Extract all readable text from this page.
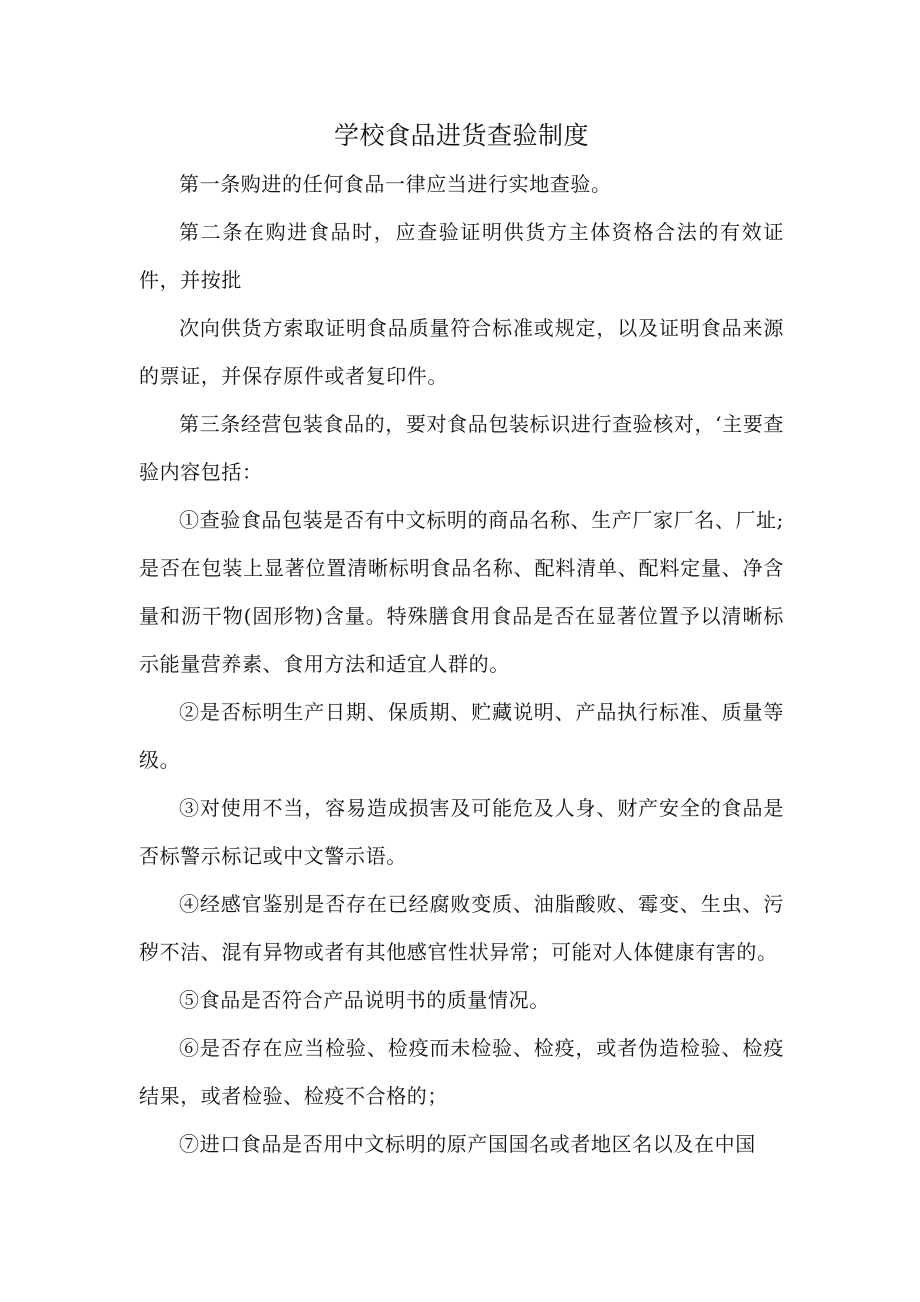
学校食品进货查验制度

第一条购进的任何食品一律应当进行实地查验。

第二条在购进食品时，应查验证明供货方主体资格合法的有效证件，并按批

次向供货方索取证明食品质量符合标准或规定，以及证明食品来源的票证，并保存原件或者复印件。

第三条经营包装食品的，要对食品包装标识进行查验核对，‘主要查验内容包括：

①查验食品包装是否有中文标明的商品名称、生产厂家厂名、厂址;是否在包装上显著位置清晰标明食品名称、配料清单、配料定量、净含量和沥干物(固形物)含量。特殊膳食用食品是否在显著位置予以清晰标示能量营养素、食用方法和适宜人群的。

②是否标明生产日期、保质期、贮藏说明、产品执行标准、质量等级。

③对使用不当，容易造成损害及可能危及人身、财产安全的食品是否标警示标记或中文警示语。

④经感官鉴别是否存在已经腐败变质、油脂酸败、霉变、生虫、污秽不洁、混有异物或者有其他感官性状异常；可能对人体健康有害的。

⑤食品是否符合产品说明书的质量情况。

⑥是否存在应当检验、检疫而未检验、检疫，或者伪造检验、检疫结果，或者检验、检疫不合格的；

⑦进口食品是否用中文标明的原产国国名或者地区名以及在中国
